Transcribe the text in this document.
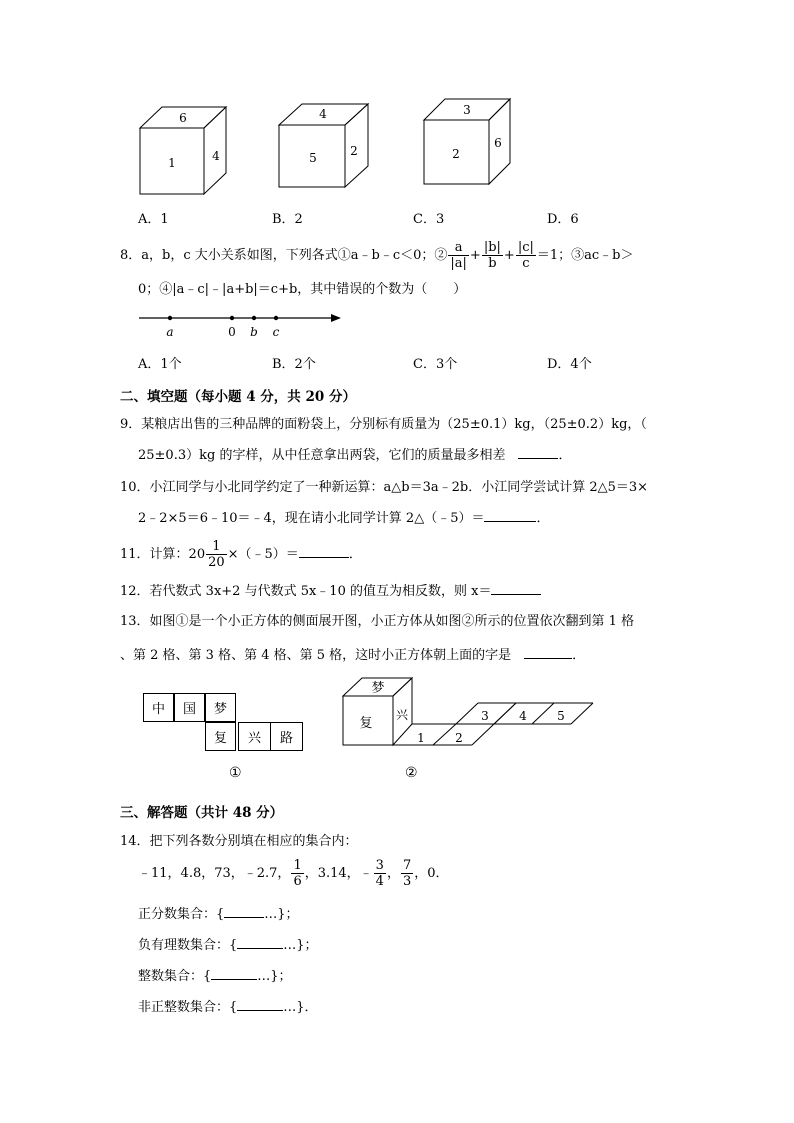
6
1	4
4
5	2
3
2
6
A．1	B．2	C．3	D．6
8．a，b，c 大小关系如图，下列各式①a﹣b﹣c＜0；② $\frac{a}{|a|} + \frac{|b|}{b} + \frac{|c|}{c} =1$；③ac﹣b＞
0；④|a﹣c|﹣|a+b|＝c+b，其中错误的个数为（　　）
a	0 b c
A．1个	B．2个	C．3个	D．4个
二、填空题（每小题 4 分，共 20 分）
9．某粮店出售的三种品牌的面粉袋上，分别标有质量为（25±0.1）kg，（25±0.2）kg，（
25±0.3）kg 的字样，从中任意拿出两袋，它们的质量最多相差　	．
10．小江同学与小北同学约定了一种新运算：a△b＝3a﹣2b．小江同学尝试计算 2△5＝3×
2﹣2×5＝6﹣10＝﹣4，现在请小北同学计算 2△（﹣5）＝	．
11．计算：$20 \frac{1}{20}$ ×（﹣5）＝	．
12．若代数式 3x+2 与代数式 5x﹣10 的值互为相反数，则 x＝
13．如图①是一个小正方体的侧面展开图，小正方体从如图②所示的位置依次翻到第 1 格
、第 2 格、第 3 格、第 4 格、第 5 格，这时小正方体朝上面的字是　	．
中	国	梦
复	兴	路
①
梦
复
兴
1	2
3	4	5
②
三、解答题（共计 48 分）
14．把下列各数分别填在相应的集合内：
﹣11，4.8，73，﹣2.7， $\frac{1}{6}$ ，3.14，﹣ $\frac{3}{4}$ ， $\frac{7}{3}$ ，0．
正分数集合：{	…}；
负有理数集合：{	…}；
整数集合：{	…}；
非正整数集合：{	…}．
